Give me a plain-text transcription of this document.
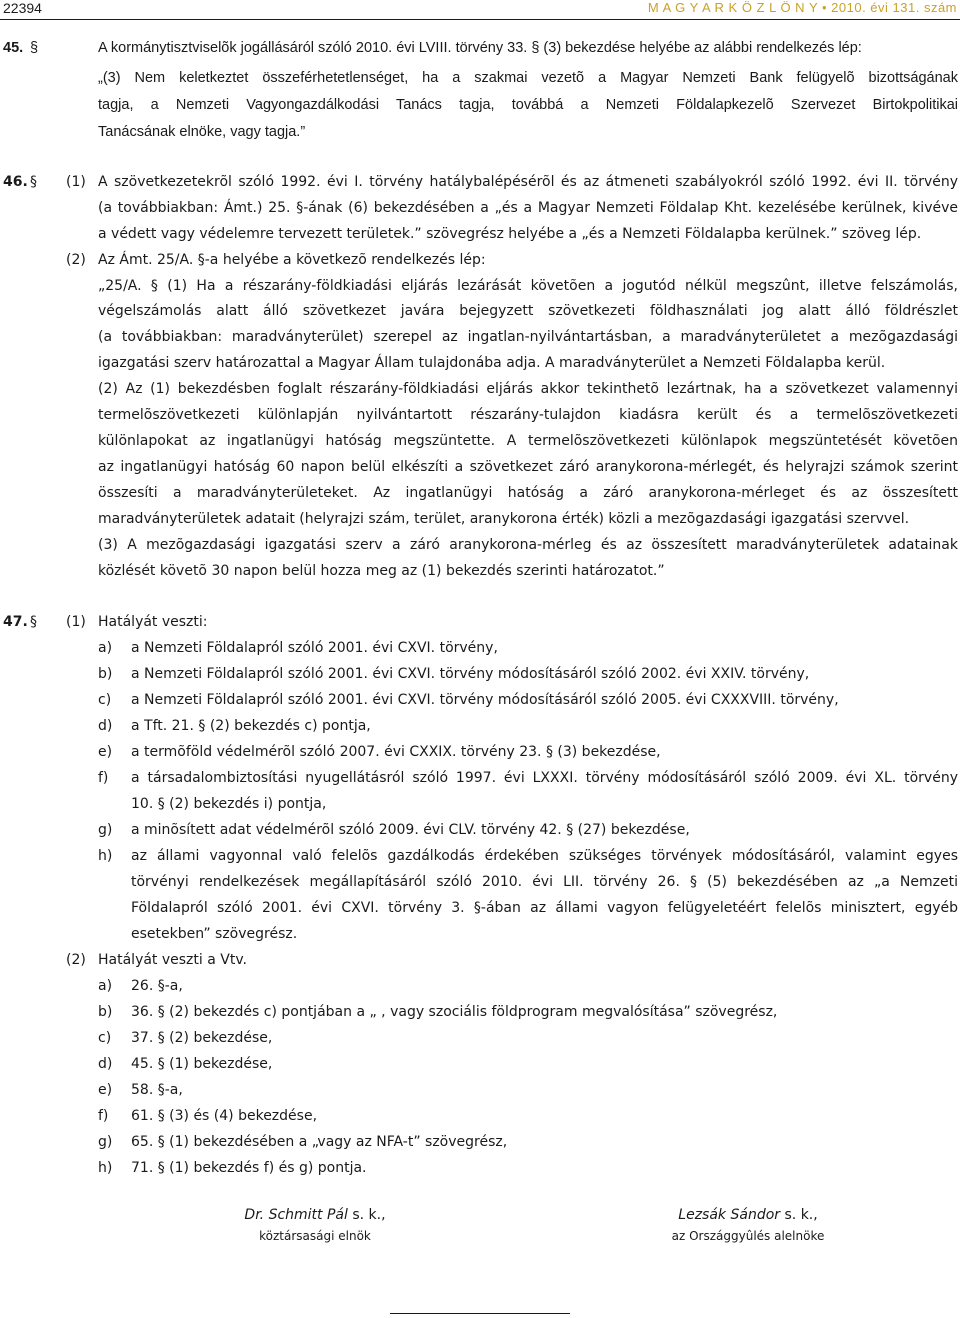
22394	M A G Y A R K Ö Z L Ö N Y • 2010. évi 131. szám
45. §	A kormánytisztviselõk jogállásáról szóló 2010. évi LVIII. törvény 33. § (3) bekezdése helyébe az alábbi rendelkezés lép:
„(3) Nem keletkeztet összeférhetetlenséget, ha a szakmai vezetõ a Magyar Nemzeti Bank felügyelõ bizottságának
tagja, a Nemzeti Vagyongazdálkodási Tanács tagja, továbbá a Nemzeti Földalapkezelõ Szervezet Birtokpolitikai
Tanácsának elnöke, vagy tagja.”
46. § (1) A szövetkezetekrõl szóló 1992. évi I. törvény hatálybalépésérõl és az átmeneti szabályokról szóló 1992. évi II. törvény
(a továbbiakban: Ámt.) 25. §-ának (6) bekezdésében a „és a Magyar Nemzeti Földalap Kht. kezelésébe kerülnek, kivéve
a védett vagy védelemre tervezett területek.” szövegrész helyébe a „és a Nemzeti Földalapba kerülnek.” szöveg lép.
(2) Az Ámt. 25/A. §-a helyébe a következõ rendelkezés lép:
„25/A. § (1) Ha a részarány-földkiadási eljárás lezárását követõen a jogutód nélkül megszûnt, illetve felszámolás,
végelszámolás alatt álló szövetkezet javára bejegyzett szövetkezeti földhasználati jog alatt álló földrészlet
(a továbbiakban: maradványterület) szerepel az ingatlan-nyilvántartásban, a maradványterületet a mezõgazdasági
igazgatási szerv határozattal a Magyar Állam tulajdonába adja. A maradványterület a Nemzeti Földalapba kerül.
(2) Az (1) bekezdésben foglalt részarány-földkiadási eljárás akkor tekinthetõ lezártnak, ha a szövetkezet valamennyi
termelõszövetkezeti különlapján nyilvántartott részarány-tulajdon kiadásra került és a termelõszövetkezeti
különlapokat az ingatlanügyi hatóság megszüntette. A termelõszövetkezeti különlapok megszüntetését követõen
az ingatlanügyi hatóság 60 napon belül elkészíti a szövetkezet záró aranykorona-mérlegét, és helyrajzi számok szerint
összesíti a maradványterületeket. Az ingatlanügyi hatóság a záró aranykorona-mérleget és az összesített
maradványterületek adatait (helyrajzi szám, terület, aranykorona érték) közli a mezõgazdasági igazgatási szervvel.
(3) A mezõgazdasági igazgatási szerv a záró aranykorona-mérleg és az összesített maradványterületek adatainak
közlését követõ 30 napon belül hozza meg az (1) bekezdés szerinti határozatot.”
47. § (1) Hatályát veszti:
a) a Nemzeti Földalapról szóló 2001. évi CXVI. törvény,
b) a Nemzeti Földalapról szóló 2001. évi CXVI. törvény módosításáról szóló 2002. évi XXIV. törvény,
c) a Nemzeti Földalapról szóló 2001. évi CXVI. törvény módosításáról szóló 2005. évi CXXXVIII. törvény,
d) a Tft. 21. § (2) bekezdés c) pontja,
e) a termõföld védelmérõl szóló 2007. évi CXXIX. törvény 23. § (3) bekezdése,
f) a társadalombiztosítási nyugellátásról szóló 1997. évi LXXXI. törvény módosításáról szóló 2009. évi XL. törvény
10. § (2) bekezdés i) pontja,
g) a minõsített adat védelmérõl szóló 2009. évi CLV. törvény 42. § (27) bekezdése,
h) az állami vagyonnal való felelõs gazdálkodás érdekében szükséges törvények módosításáról, valamint egyes
törvényi rendelkezések megállapításáról szóló 2010. évi LII. törvény 26. § (5) bekezdésében az „a Nemzeti
Földalapról szóló 2001. évi CXVI. törvény 3. §-ában az állami vagyon felügyeletéért felelõs minisztert, egyéb
esetekben” szövegrész.
(2) Hatályát veszti a Vtv.
a) 26. §-a,
b) 36. § (2) bekezdés c) pontjában a „ , vagy szociális földprogram megvalósítása” szövegrész,
c) 37. § (2) bekezdése,
d) 45. § (1) bekezdése,
e) 58. §-a,
f) 61. § (3) és (4) bekezdése,
g) 65. § (1) bekezdésében a „vagy az NFA-t” szövegrész,
h) 71. § (1) bekezdés f) és g) pontja.
Dr. Schmitt Pál s. k.,
köztársasági elnök
Lezsák Sándor s. k.,
az Országgyûlés alelnöke
